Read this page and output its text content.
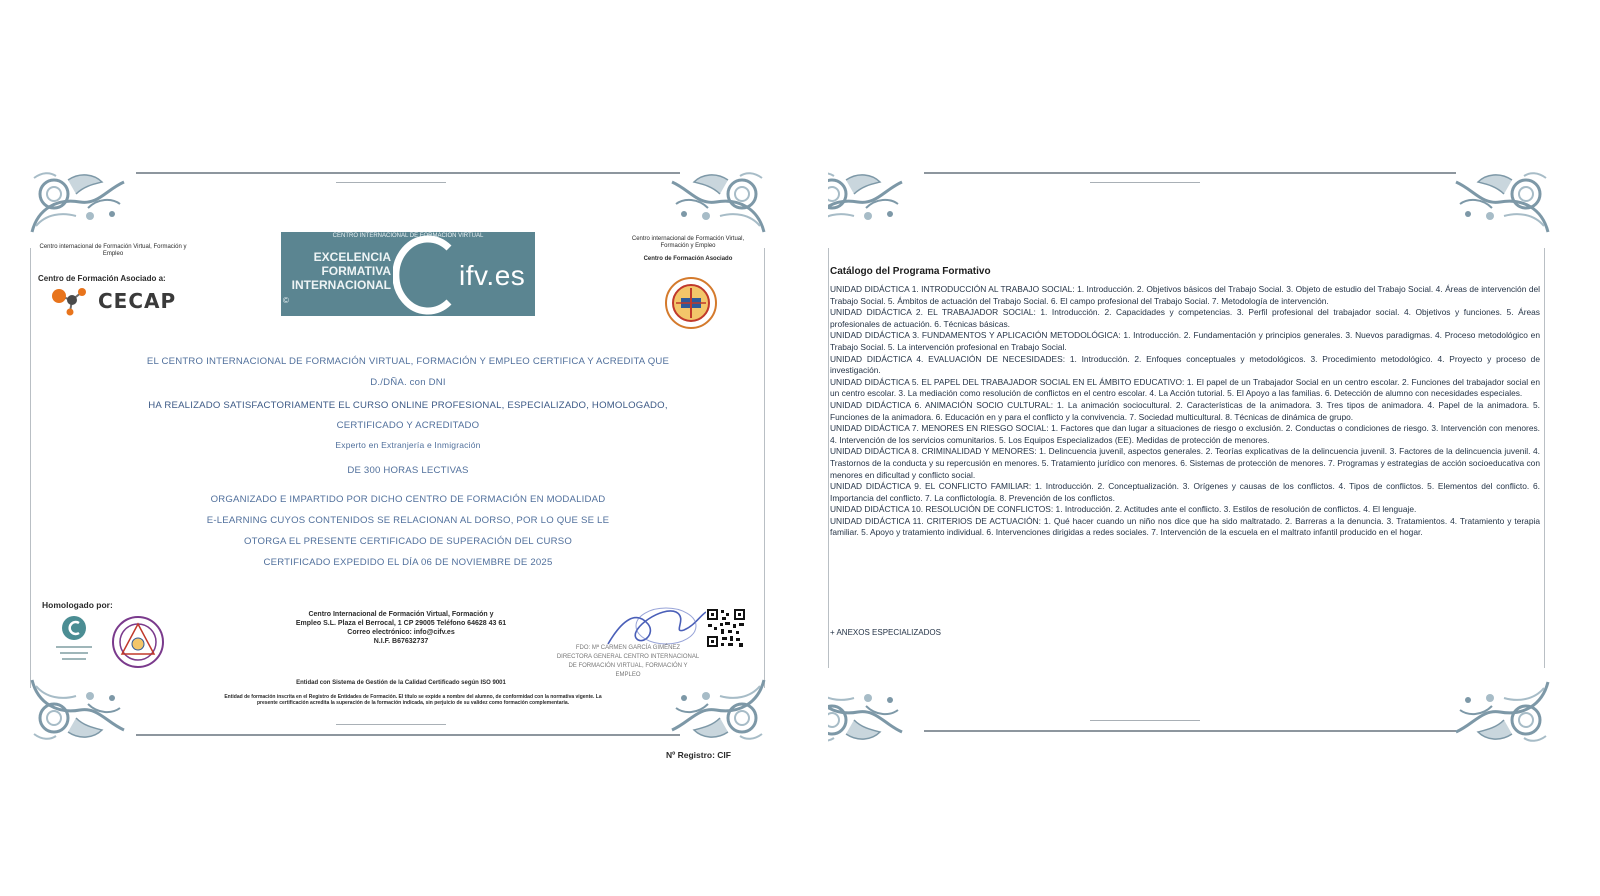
Centro internacional de Formación Virtual, Formación y Empleo
Centro de Formación Asociado a:
CECAP
CENTRO INTERNACIONAL DE FORMACIÓN VIRTUAL
EXCELENCIA
FORMATIVA
INTERNACIONAL
©
ifv.es
Centro internacional de Formación Virtual, Formación y Empleo
Centro de Formación Asociado
EL CENTRO INTERNACIONAL DE FORMACIÓN VIRTUAL, FORMACIÓN Y EMPLEO CERTIFICA Y ACREDITA QUE
D./DÑA. con DNI
HA REALIZADO SATISFACTORIAMENTE EL CURSO ONLINE PROFESIONAL, ESPECIALIZADO, HOMOLOGADO,
CERTIFICADO Y ACREDITADO
Experto en Extranjería e Inmigración
DE 300 HORAS LECTIVAS
ORGANIZADO E IMPARTIDO POR DICHO CENTRO DE FORMACIÓN EN MODALIDAD
E-LEARNING CUYOS CONTENIDOS SE RELACIONAN AL DORSO, POR LO QUE SE LE
OTORGA EL PRESENTE CERTIFICADO DE SUPERACIÓN DEL CURSO
CERTIFICADO EXPEDIDO EL DÍA 06 DE NOVIEMBRE DE 2025
Homologado por:
Centro Internacional de Formación Virtual, Formación y
Empleo S.L. Plaza el Berrocal, 1 CP 29005 Teléfono 64628 43 61
Correo electrónico: info@cifv.es
N.I.F. B67632737
Entidad con Sistema de Gestión de la Calidad Certificado según ISO 9001
Entidad de formación inscrita en el Registro de Entidades de Formación. El título se expide a nombre del alumno, de conformidad con la normativa vigente. La presente certificación acredita la superación de la formación indicada, sin perjuicio de su validez como formación complementaria.
FDO: Mª CARMEN GARCÍA GIMÉNEZ
DIRECTORA GENERAL CENTRO INTERNACIONAL
DE FORMACIÓN VIRTUAL, FORMACIÓN Y
EMPLEO
Nº Registro: CIF
Catálogo del Programa Formativo

UNIDAD DIDÁCTICA 1. INTRODUCCIÓN AL TRABAJO SOCIAL: 1. Introducción. 2. Objetivos básicos del Trabajo Social. 3. Objeto de estudio del Trabajo Social. 4. Áreas de intervención del Trabajo Social. 5. Ámbitos de actuación del Trabajo Social. 6. El campo profesional del Trabajo Social. 7. Metodología de intervención.

UNIDAD DIDÁCTICA 2. EL TRABAJADOR SOCIAL: 1. Introducción. 2. Capacidades y competencias. 3. Perfil profesional del trabajador social. 4. Objetivos y funciones. 5. Áreas profesionales de actuación. 6. Técnicas básicas.

UNIDAD DIDÁCTICA 3. FUNDAMENTOS Y APLICACIÓN METODOLÓGICA: 1. Introducción. 2. Fundamentación y principios generales. 3. Nuevos paradigmas. 4. Proceso metodológico en Trabajo Social. 5. La intervención profesional en Trabajo Social.

UNIDAD DIDÁCTICA 4. EVALUACIÓN DE NECESIDADES: 1. Introducción. 2. Enfoques conceptuales y metodológicos. 3. Procedimiento metodológico. 4. Proyecto y proceso de investigación.

UNIDAD DIDÁCTICA 5. EL PAPEL DEL TRABAJADOR SOCIAL EN EL ÁMBITO EDUCATIVO: 1. El papel de un Trabajador Social en un centro escolar. 2. Funciones del trabajador social en un centro escolar. 3. La mediación como resolución de conflictos en el centro escolar. 4. La Acción tutorial. 5. El Apoyo a las familias. 6. Detección de alumno con necesidades especiales.

UNIDAD DIDÁCTICA 6. ANIMACIÓN SOCIO CULTURAL: 1. La animación sociocultural. 2. Características de la animadora. 3. Tres tipos de animadora. 4. Papel de la animadora. 5. Funciones de la animadora. 6. Educación en y para el conflicto y la convivencia. 7. Sociedad multicultural. 8. Técnicas de dinámica de grupo.

UNIDAD DIDÁCTICA 7. MENORES EN RIESGO SOCIAL: 1. Factores que dan lugar a situaciones de riesgo o exclusión. 2. Conductas o condiciones de riesgo. 3. Intervención con menores. 4. Intervención de los servicios comunitarios. 5. Los Equipos Especializados (EE). Medidas de protección de menores.

UNIDAD DIDÁCTICA 8. CRIMINALIDAD Y MENORES: 1. Delincuencia juvenil, aspectos generales. 2. Teorías explicativas de la delincuencia juvenil. 3. Factores de la delincuencia juvenil. 4. Trastornos de la conducta y su repercusión en menores. 5. Tratamiento jurídico con menores. 6. Sistemas de protección de menores. 7. Programas y estrategias de acción socioeducativa con menores en dificultad y conflicto social.

UNIDAD DIDÁCTICA 9. EL CONFLICTO FAMILIAR: 1. Introducción. 2. Conceptualización. 3. Orígenes y causas de los conflictos. 4. Tipos de conflictos. 5. Elementos del conflicto. 6. Importancia del conflicto. 7. La conflictología. 8. Prevención de los conflictos.

UNIDAD DIDÁCTICA 10. RESOLUCIÓN DE CONFLICTOS: 1. Introducción. 2. Actitudes ante el conflicto. 3. Estilos de resolución de conflictos. 4. El lenguaje.

UNIDAD DIDÁCTICA 11. CRITERIOS DE ACTUACIÓN: 1. Qué hacer cuando un niño nos dice que ha sido maltratado. 2. Barreras a la denuncia. 3. Tratamientos. 4. Tratamiento y terapia familiar. 5. Apoyo y tratamiento individual. 6. Intervenciones dirigidas a redes sociales. 7. Intervención de la escuela en el maltrato infantil producido en el hogar.

+ ANEXOS ESPECIALIZADOS
